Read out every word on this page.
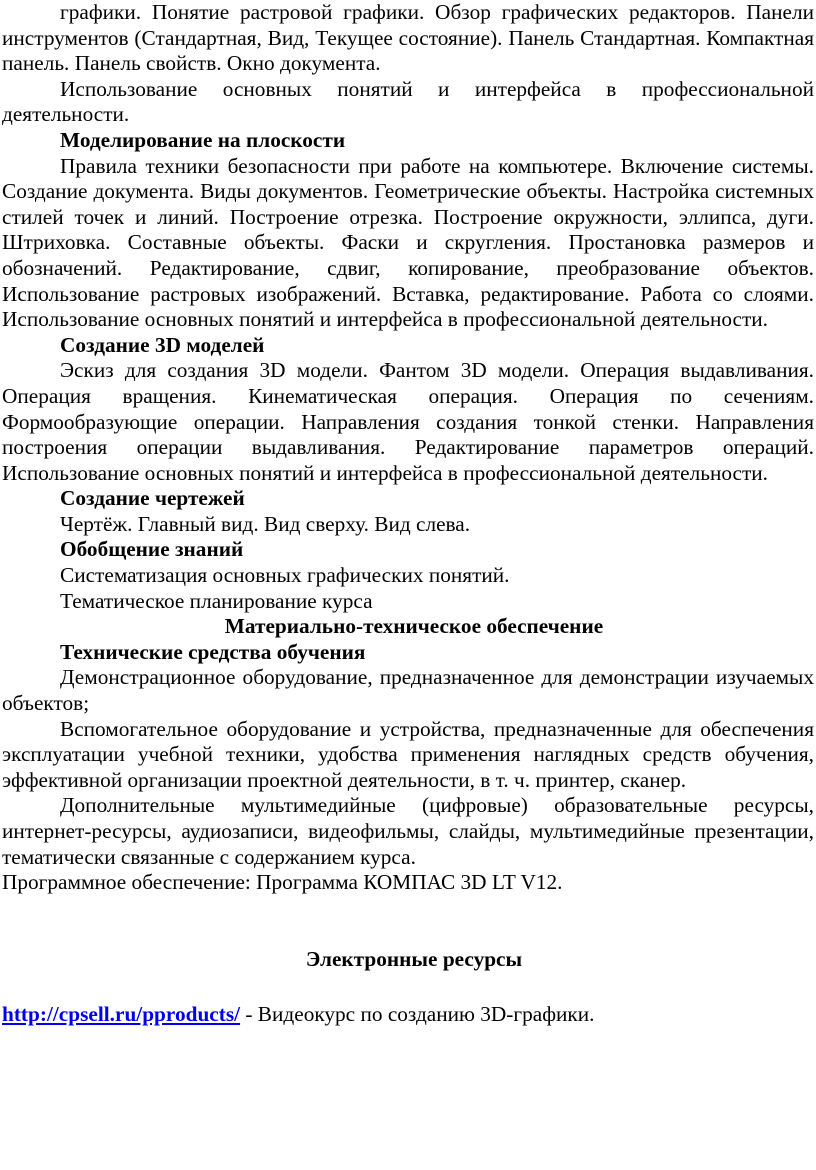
графики. Понятие растровой графики. Обзор графических редакторов. Панели инструментов (Стандартная, Вид, Текущее состояние). Панель Стандартная. Компактная панель. Панель свойств. Окно документа.

Использование основных понятий и интерфейса в профессиональной деятельности.

Моделирование на плоскости

Правила техники безопасности при работе на компьютере. Включение системы. Создание документа. Виды документов. Геометрические объекты. Настройка системных стилей точек и линий. Построение отрезка. Построение окружности, эллипса, дуги. Штриховка. Составные объекты. Фаски и скругления. Простановка размеров и обозначений. Редактирование, сдвиг, копирование, преобразование объектов. Использование растровых изображений. Вставка, редактирование. Работа со слоями. Использование основных понятий и интерфейса в профессиональной деятельности.

Создание 3D моделей

Эскиз для создания 3D модели. Фантом 3D модели. Операция выдавливания. Операция вращения. Кинематическая операция. Операция по сечениям. Формообразующие операции. Направления создания тонкой стенки. Направления построения операции выдавливания. Редактирование параметров операций. Использование основных понятий и интерфейса в профессиональной деятельности.

Создание чертежей

Чертёж. Главный вид. Вид сверху. Вид слева.

Обобщение знаний

Систематизация основных графических понятий.

Тематическое планирование курса

Материально-техническое обеспечение

Технические средства обучения

Демонстрационное оборудование, предназначенное для демонстрации изучаемых объектов;

Вспомогательное оборудование и устройства, предназначенные для обеспечения эксплуатации учебной техники, удобства применения наглядных средств обучения, эффективной организации проектной деятельности, в т. ч. принтер, сканер.

Дополнительные мультимедийные (цифровые) образовательные ресурсы, интернет-ресурсы, аудиозаписи, видеофильмы, слайды, мультимедийные презентации, тематически связанные с содержанием курса.

Программное обеспечение: Программа КОМПАС 3D LT V12.

Электронные ресурсы

http://cpsell.ru/pproducts/ - Видеокурс по созданию 3D-графики.
